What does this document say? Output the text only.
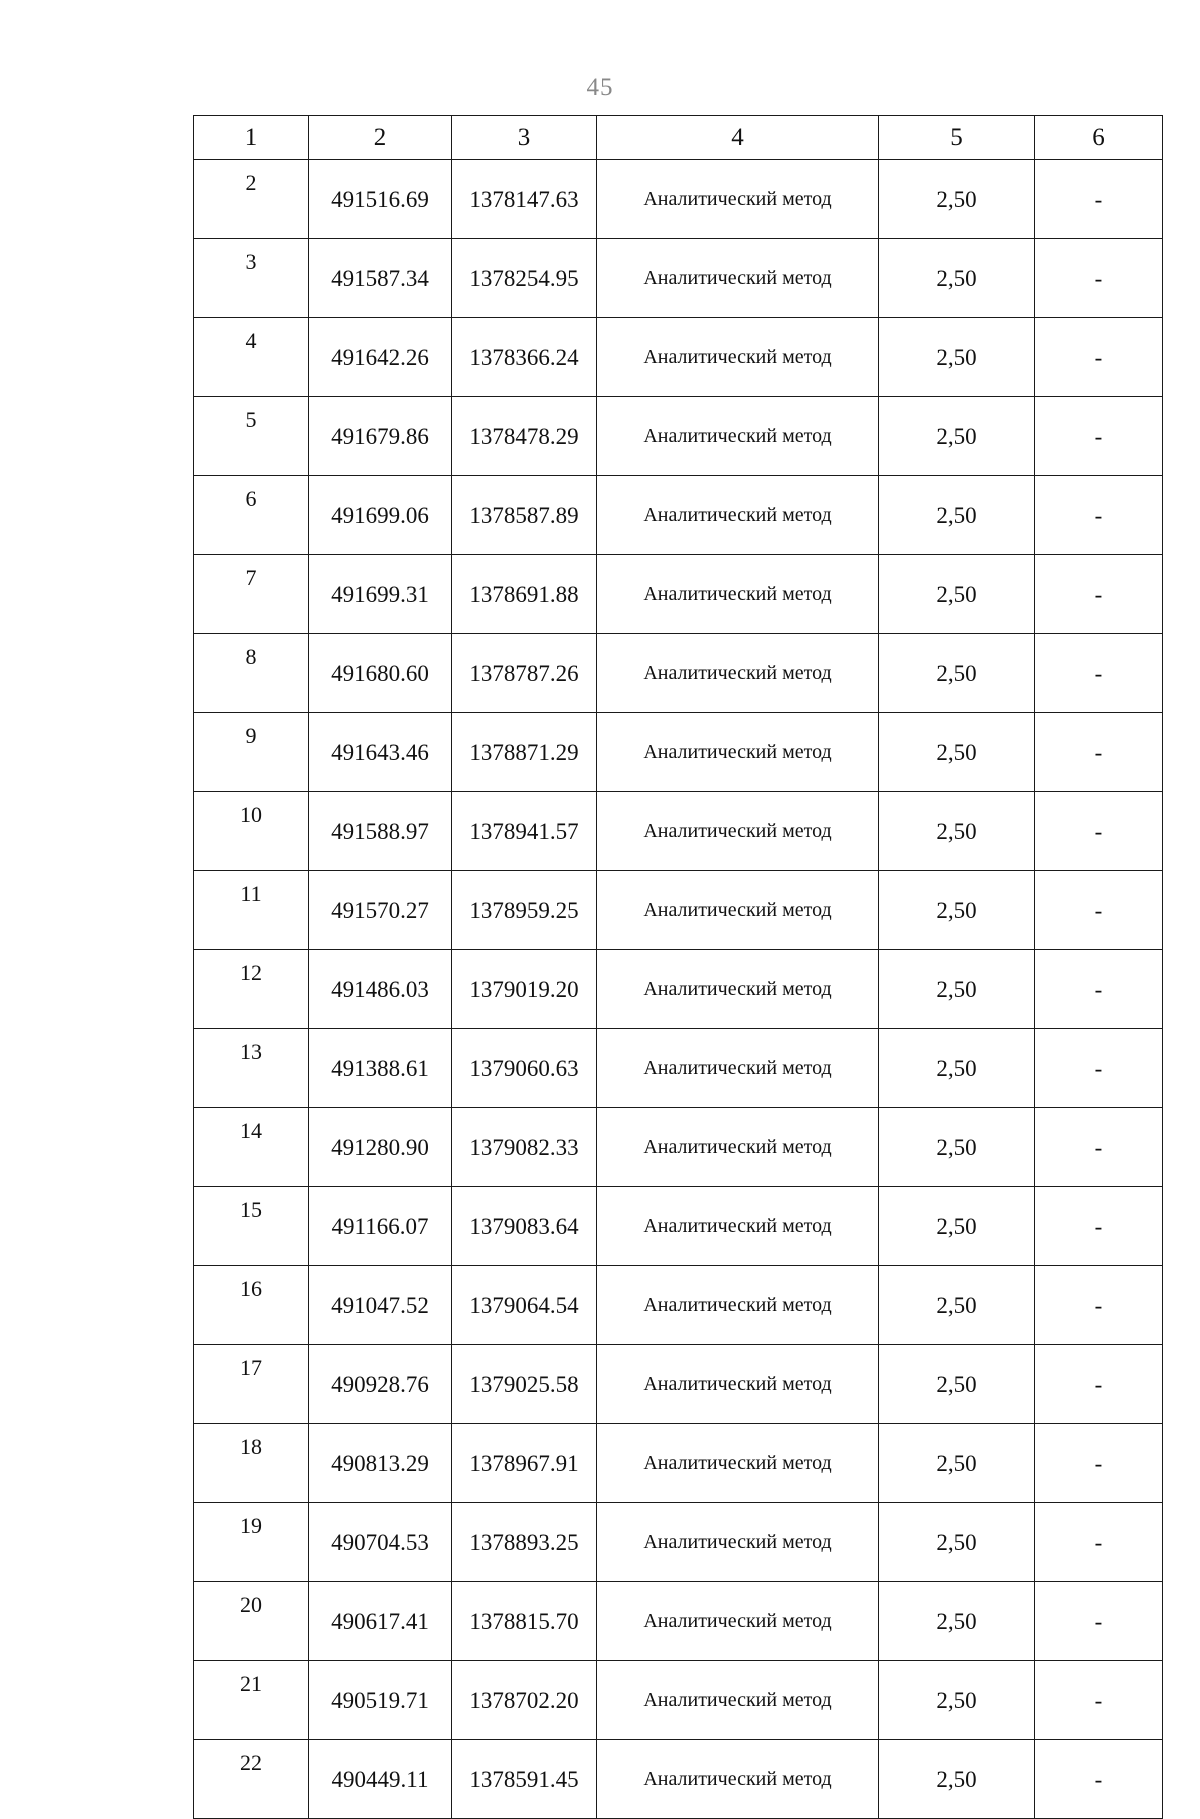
45
1	2	3	4	5	6
2	491516.69	1378147.63	Аналитический метод	2,50	-
3	491587.34	1378254.95	Аналитический метод	2,50	-
4	491642.26	1378366.24	Аналитический метод	2,50	-
5	491679.86	1378478.29	Аналитический метод	2,50	-
6	491699.06	1378587.89	Аналитический метод	2,50	-
7	491699.31	1378691.88	Аналитический метод	2,50	-
8	491680.60	1378787.26	Аналитический метод	2,50	-
9	491643.46	1378871.29	Аналитический метод	2,50	-
10	491588.97	1378941.57	Аналитический метод	2,50	-
11	491570.27	1378959.25	Аналитический метод	2,50	-
12	491486.03	1379019.20	Аналитический метод	2,50	-
13	491388.61	1379060.63	Аналитический метод	2,50	-
14	491280.90	1379082.33	Аналитический метод	2,50	-
15	491166.07	1379083.64	Аналитический метод	2,50	-
16	491047.52	1379064.54	Аналитический метод	2,50	-
17	490928.76	1379025.58	Аналитический метод	2,50	-
18	490813.29	1378967.91	Аналитический метод	2,50	-
19	490704.53	1378893.25	Аналитический метод	2,50	-
20	490617.41	1378815.70	Аналитический метод	2,50	-
21	490519.71	1378702.20	Аналитический метод	2,50	-
22	490449.11	1378591.45	Аналитический метод	2,50	-
